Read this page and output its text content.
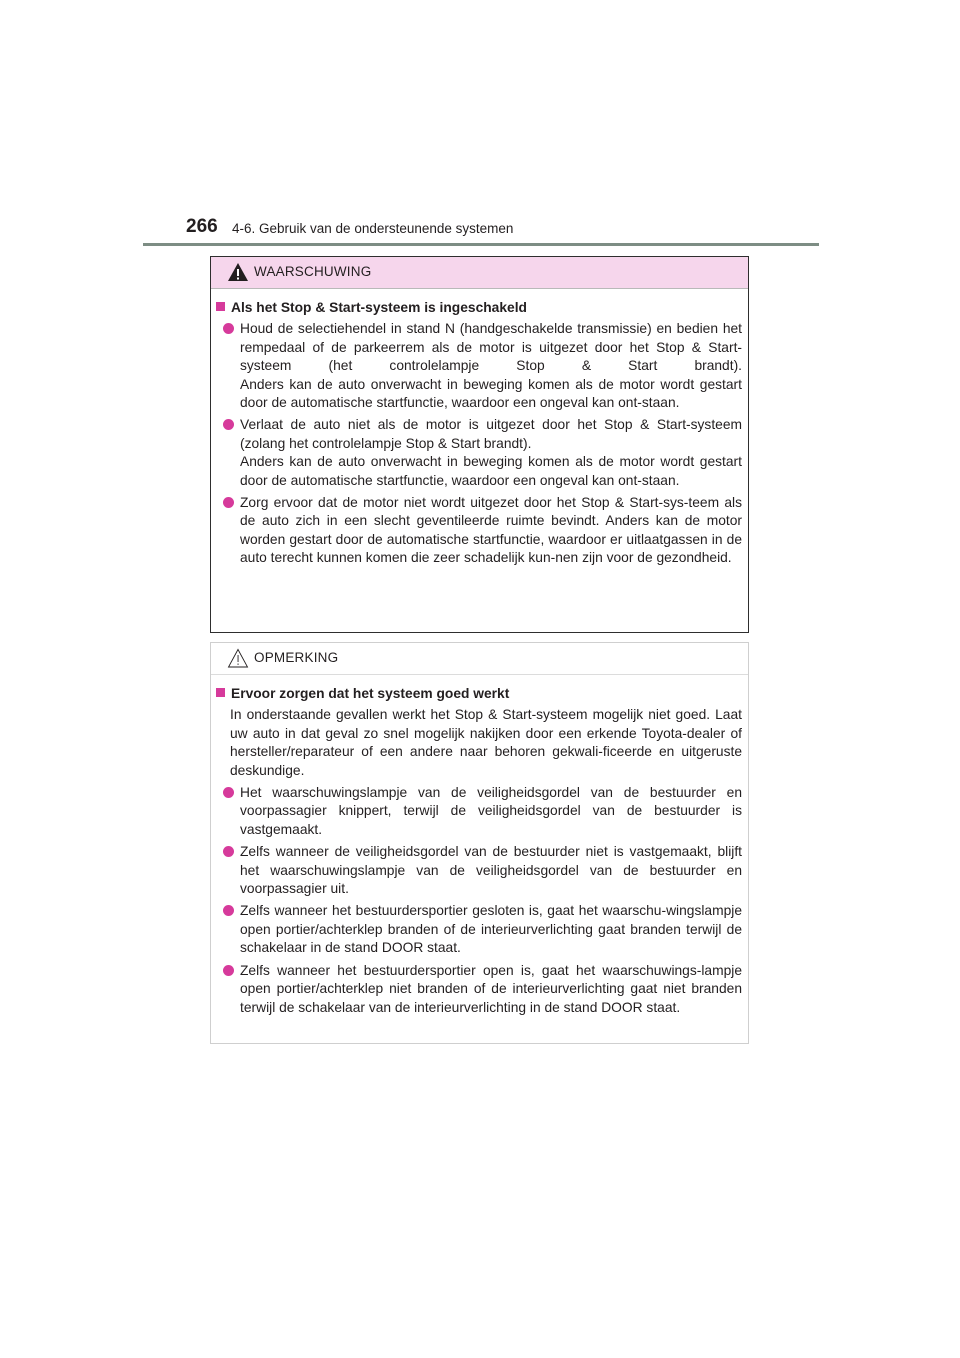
266 4-6. Gebruik van de ondersteunende systemen
WAARSCHUWING
Als het Stop & Start-systeem is ingeschakeld
Houd de selectiehendel in stand N (handgeschakelde transmissie) en bedien het rempedaal of de parkeerrem als de motor is uitgezet door het Stop & Start-systeem (het controlelampje Stop & Start brandt).
Anders kan de auto onverwacht in beweging komen als de motor wordt gestart door de automatische startfunctie, waardoor een ongeval kan ont-staan.
Verlaat de auto niet als de motor is uitgezet door het Stop & Start-systeem (zolang het controlelampje Stop & Start brandt).
Anders kan de auto onverwacht in beweging komen als de motor wordt gestart door de automatische startfunctie, waardoor een ongeval kan ont-staan.
Zorg ervoor dat de motor niet wordt uitgezet door het Stop & Start-sys-teem als de auto zich in een slecht geventileerde ruimte bevindt. Anders kan de motor worden gestart door de automatische startfunctie, waardoor er uitlaatgassen in de auto terecht kunnen komen die zeer schadelijk kun-nen zijn voor de gezondheid.
OPMERKING
Ervoor zorgen dat het systeem goed werkt
In onderstaande gevallen werkt het Stop & Start-systeem mogelijk niet goed. Laat uw auto in dat geval zo snel mogelijk nakijken door een erkende Toyota-dealer of hersteller/reparateur of een andere naar behoren gekwali-ficeerde en uitgeruste deskundige.
Het waarschuwingslampje van de veiligheidsgordel van de bestuurder en voorpassagier knippert, terwijl de veiligheidsgordel van de bestuurder is vastgemaakt.
Zelfs wanneer de veiligheidsgordel van de bestuurder niet is vastgemaakt, blijft het waarschuwingslampje van de veiligheidsgordel van de bestuurder en voorpassagier uit.
Zelfs wanneer het bestuurdersportier gesloten is, gaat het waarschu-wingslampje open portier/achterklep branden of de interieurverlichting gaat branden terwijl de schakelaar in de stand DOOR staat.
Zelfs wanneer het bestuurdersportier open is, gaat het waarschuwings-lampje open portier/achterklep niet branden of de interieurverlichting gaat niet branden terwijl de schakelaar van de interieurverlichting in de stand DOOR staat.
